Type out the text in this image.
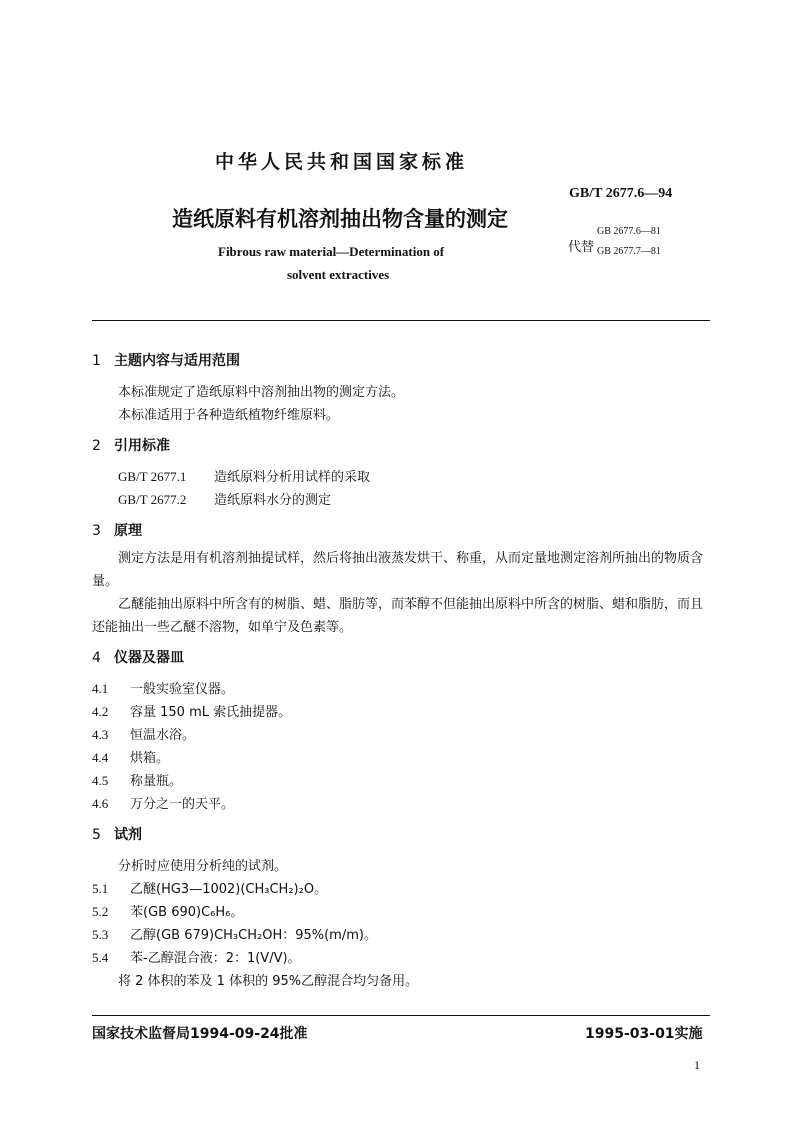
中华人民共和国国家标准
GB/T 2677.6—94
造纸原料有机溶剂抽出物含量的测定
Fibrous raw material—Determination of
solvent extractives
代替
GB 2677.6—81
GB 2677.7—81
1 主题内容与适用范围
本标准规定了造纸原料中溶剂抽出物的测定方法。
本标准适用于各种造纸植物纤维原料。
2 引用标准
GB/T 2677.1 造纸原料分析用试样的采取
GB/T 2677.2 造纸原料水分的测定
3 原理
测定方法是用有机溶剂抽提试样，然后将抽出液蒸发烘干、称重，从而定量地测定溶剂所抽出的物质含量。
乙醚能抽出原料中所含有的树脂、蜡、脂肪等，而苯醇不但能抽出原料中所含的树脂、蜡和脂肪，而且还能抽出一些乙醚不溶物，如单宁及色素等。
4 仪器及器皿
4.1 一般实验室仪器。
4.2 容量 150 mL 索氏抽提器。
4.3 恒温水浴。
4.4 烘箱。
4.5 称量瓶。
4.6 万分之一的天平。
5 试剂
分析时应使用分析纯的试剂。
5.1 乙醚(HG3—1002)(CH₃CH₂)₂O。
5.2 苯(GB 690)C₆H₆。
5.3 乙醇(GB 679)CH₃CH₂OH：95%(m/m)。
5.4 苯-乙醇混合液：2：1(V/V)。
将 2 体积的苯及 1 体积的 95%乙醇混合均匀备用。
国家技术监督局1994-09-24批准	1995-03-01实施
1
